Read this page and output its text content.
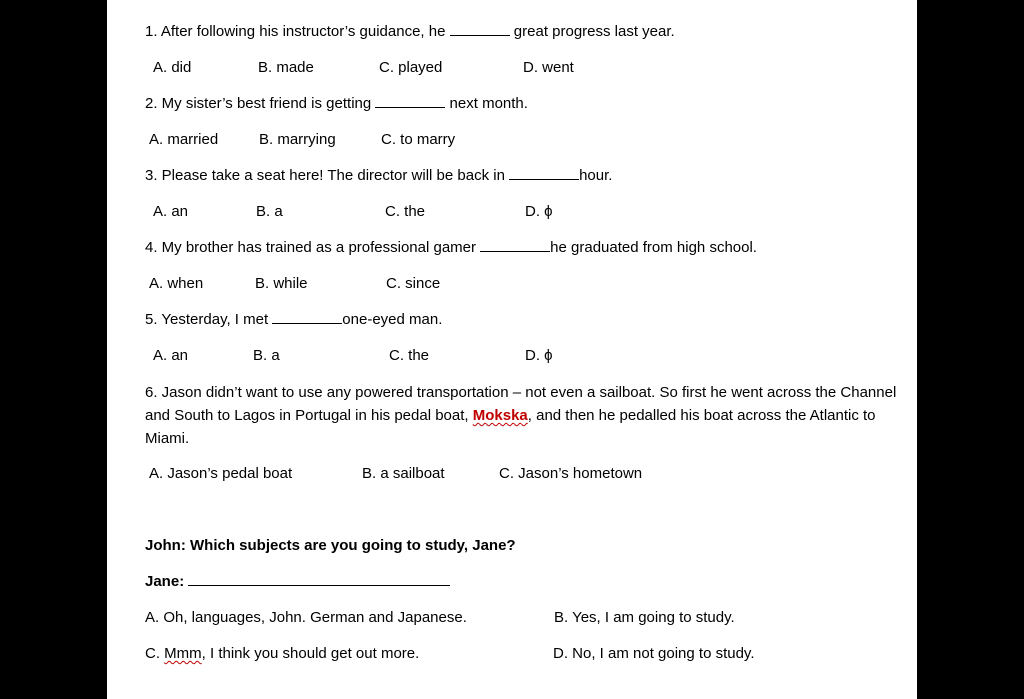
1. After following his instructor’s guidance, he	great progress last year.
A. did	B. made	C. played	D. went
2. My sister’s best friend is getting	next month.
A. married	B. marrying	C. to marry
3. Please take a seat here! The director will be back in	hour.
A. an	B. a	C. the	D. ϕ
4. My brother has trained as a professional gamer	he graduated from high school.
A. when	B. while	C. since
5. Yesterday, I met	one-eyed man.
A. an	B. a	C. the	D. ϕ
6. Jason didn’t want to use any powered transportation – not even a sailboat. So first he went across the Channel and South to Lagos in Portugal in his pedal boat, Mokska, and then he pedalled his boat across the Atlantic to Miami.
A. Jason’s pedal boat	B. a sailboat	C. Jason’s hometown
John: Which subjects are you going to study, Jane?
Jane:
A. Oh, languages, John. German and Japanese.	B. Yes, I am going to study.
C. Mmm, I think you should get out more.	D. No, I am not going to study.
